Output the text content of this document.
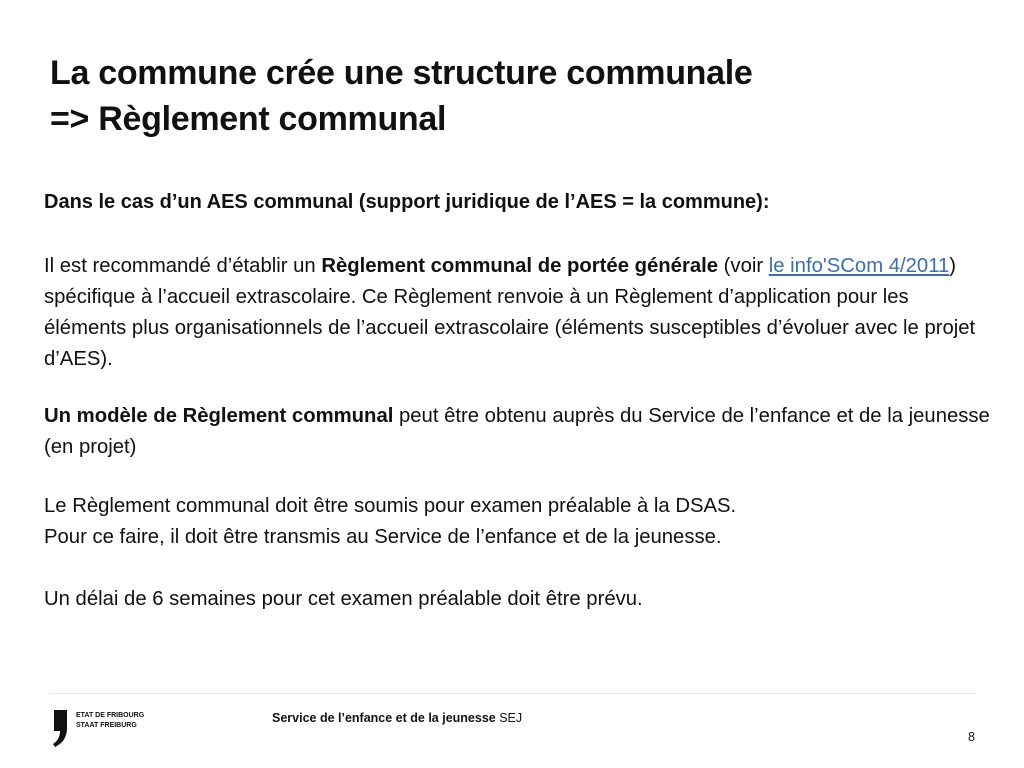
La commune crée une structure communale
=> Règlement communal

Dans le cas d’un AES communal (support juridique de l’AES = la commune):

Il est recommandé d’établir un Règlement communal de portée générale (voir le info'SCom 4/2011) spécifique à l’accueil extrascolaire. Ce Règlement renvoie à un Règlement d’application pour les éléments plus organisationnels de l’accueil extrascolaire (éléments susceptibles d’évoluer avec le projet d’AES).

Un modèle de Règlement communal peut être obtenu auprès du Service de l’enfance et de la jeunesse (en projet)

Le Règlement communal doit être soumis pour examen préalable à la DSAS.
Pour ce faire, il doit être transmis au Service de l’enfance et de la jeunesse.

Un délai de 6 semaines pour cet examen préalable doit être prévu.

ETAT DE FRIBOURG
STAAT FREIBURG
Service de l’enfance et de la jeunesse SEJ
8
